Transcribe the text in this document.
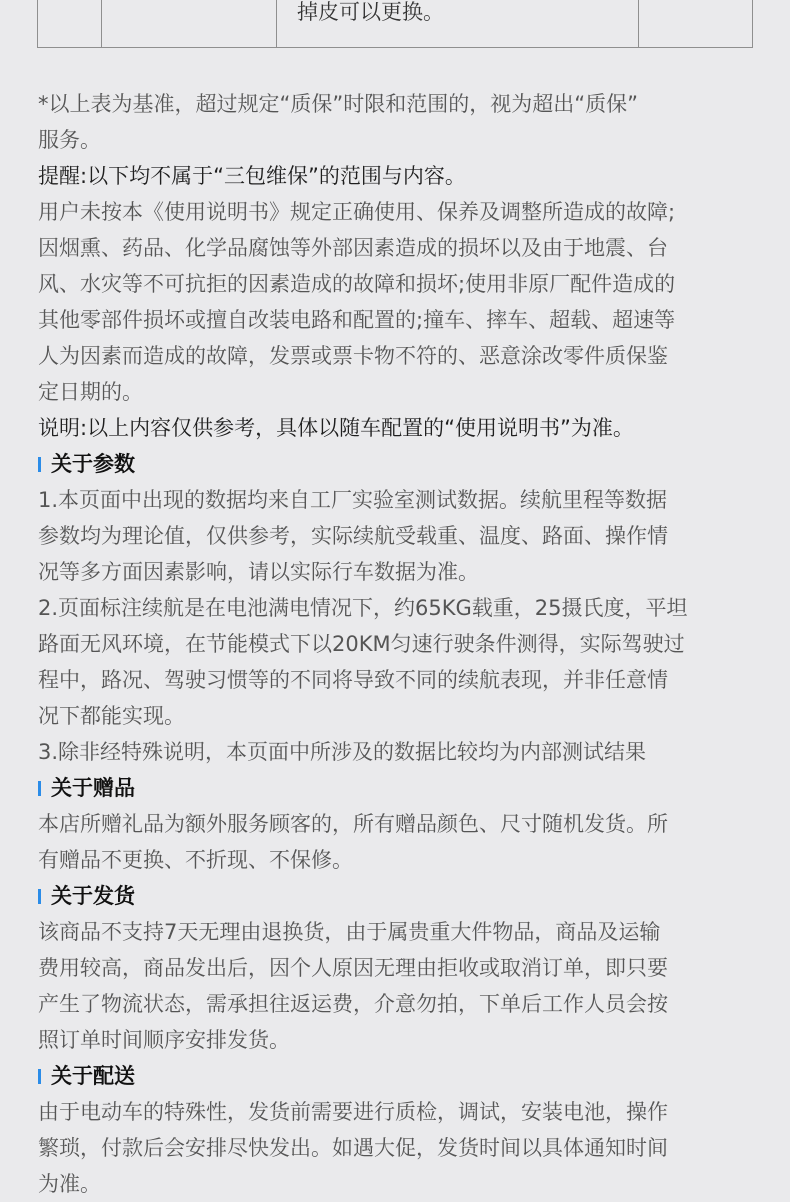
掉皮可以更换。

*以上表为基准，超过规定“质保”时限和范围的，视为超出“质保”

服务。

提醒:以下均不属于“三包维保”的范围与内容。

用户未按本《使用说明书》规定正确使用、保养及调整所造成的故障;

因烟熏、药品、化学品腐蚀等外部因素造成的损坏以及由于地震、台

风、水灾等不可抗拒的因素造成的故障和损坏;使用非原厂配件造成的

其他零部件损坏或擅自改装电路和配置的;撞车、摔车、超载、超速等

人为因素而造成的故障，发票或票卡物不符的、恶意涂改零件质保鉴

定日期的。

说明:以上内容仅供参考，具体以随车配置的“使用说明书”为准。

关于参数

1.本页面中出现的数据均来自工厂实验室测试数据。续航里程等数据

参数均为理论值，仅供参考，实际续航受载重、温度、路面、操作情

况等多方面因素影响，请以实际行车数据为准。

2.页面标注续航是在电池满电情况下，约65KG载重，25摄氏度，平坦

路面无风环境，在节能模式下以20KM匀速行驶条件测得，实际驾驶过

程中，路况、驾驶习惯等的不同将导致不同的续航表现，并非任意情

况下都能实现。

3.除非经特殊说明，本页面中所涉及的数据比较均为内部测试结果

关于赠品

本店所赠礼品为额外服务顾客的，所有赠品颜色、尺寸随机发货。所

有赠品不更换、不折现、不保修。

关于发货

该商品不支持7天无理由退换货，由于属贵重大件物品，商品及运输

费用较高，商品发出后，因个人原因无理由拒收或取消订单，即只要

产生了物流状态，需承担往返运费，介意勿拍，下单后工作人员会按

照订单时间顺序安排发货。

关于配送

由于电动车的特殊性，发货前需要进行质检，调试，安装电池，操作

繁琐，付款后会安排尽快发出。如遇大促，发货时间以具体通知时间

为准。
